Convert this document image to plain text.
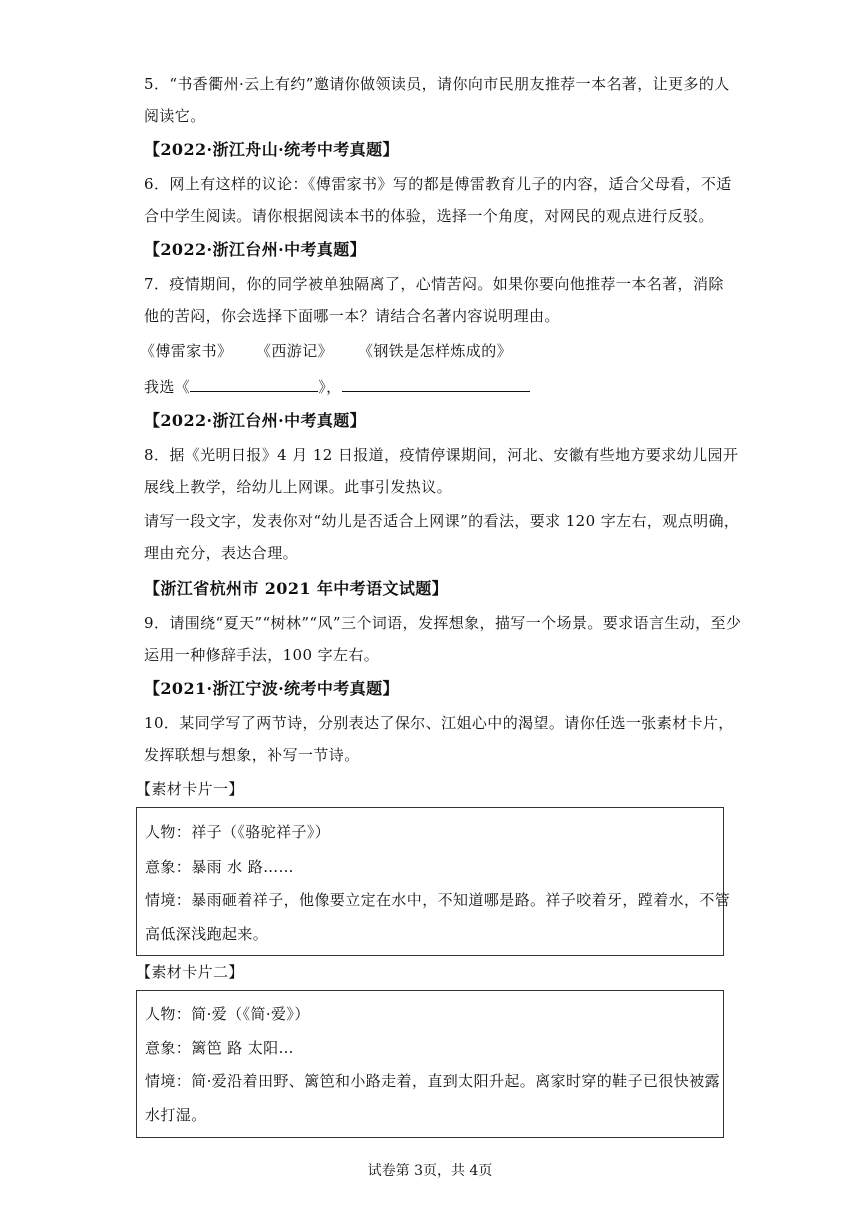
5．“书香衢州·云上有约”邀请你做领读员，请你向市民朋友推荐一本名著，让更多的人
阅读它。
【2022·浙江舟山·统考中考真题】
6．网上有这样的议论：《傅雷家书》写的都是傅雷教育儿子的内容，适合父母看，不适
合中学生阅读。请你根据阅读本书的体验，选择一个角度，对网民的观点进行反驳。
【2022·浙江台州·中考真题】
7．疫情期间，你的同学被单独隔离了，心情苦闷。如果你要向他推荐一本名著，消除
他的苦闷，你会选择下面哪一本？请结合名著内容说明理由。
《傅雷家书》 《西游记》 《钢铁是怎样炼成的》
我选《	》，
【2022·浙江台州·中考真题】
8．据《光明日报》4 月 12 日报道，疫情停课期间，河北、安徽有些地方要求幼儿园开
展线上教学，给幼儿上网课。此事引发热议。
请写一段文字，发表你对“幼儿是否适合上网课”的看法，要求 120 字左右，观点明确，
理由充分，表达合理。
【浙江省杭州市 2021 年中考语文试题】
9．请围绕“夏天”“树林”“风”三个词语，发挥想象，描写一个场景。要求语言生动，至少
运用一种修辞手法，100 字左右。
【2021·浙江宁波·统考中考真题】
10．某同学写了两节诗，分别表达了保尔、江姐心中的渴望。请你任选一张素材卡片，
发挥联想与想象，补写一节诗。
【素材卡片一】
人物：祥子（《骆驼祥子》）
意象：暴雨 水 路……
情境：暴雨砸着祥子，他像要立定在水中，不知道哪是路。祥子咬着牙，蹚着水，不管
高低深浅跑起来。
【素材卡片二】
人物：简·爱（《简·爱》）
意象：篱笆 路 太阳…
情境：简·爱沿着田野、篱笆和小路走着，直到太阳升起。离家时穿的鞋子已很快被露
水打湿。
试卷第 3页，共 4页
